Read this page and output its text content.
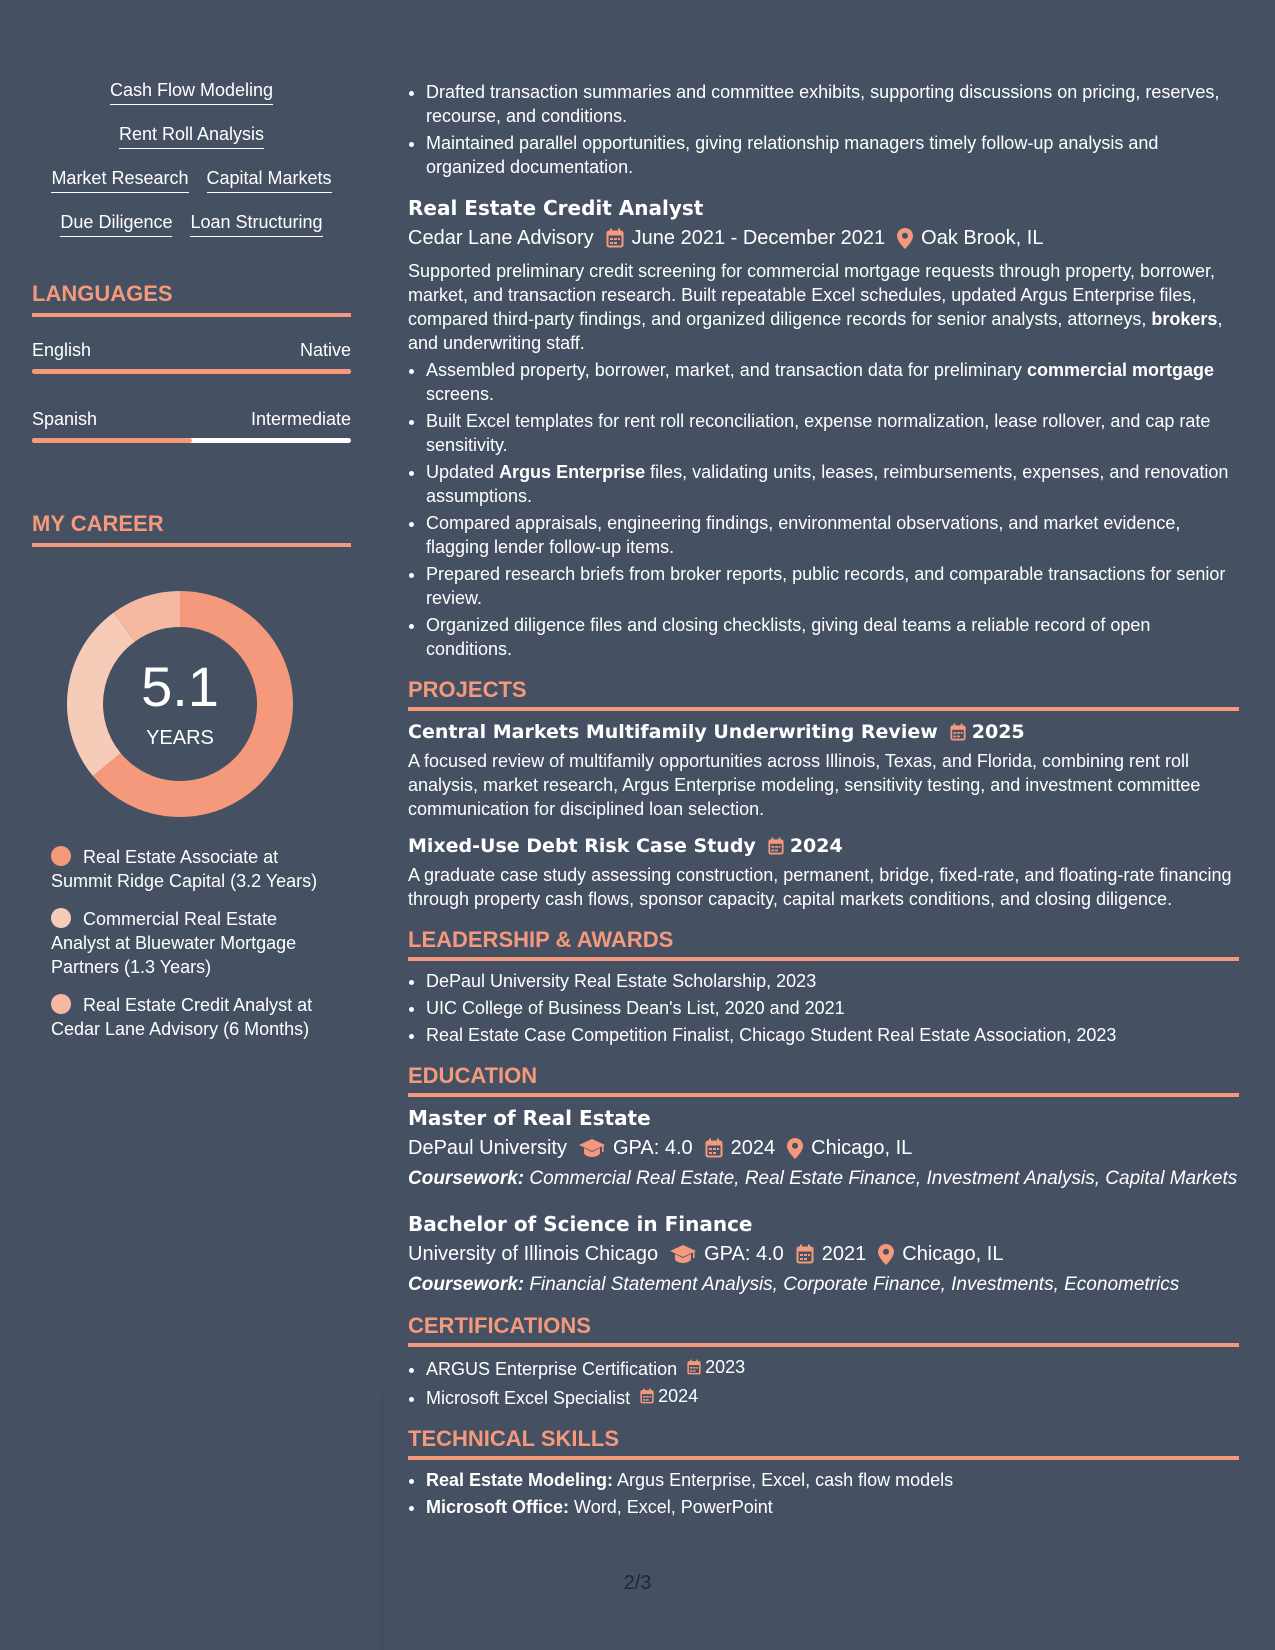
Cash Flow Modeling
Rent Roll Analysis
Market Research Capital Markets
Due Diligence Loan Structuring
LANGUAGES
English	Native
Spanish	Intermediate
MY CAREER
5.1
YEARS
Real Estate Associate at Summit Ridge Capital (3.2 Years)
Commercial Real Estate Analyst at Bluewater Mortgage Partners (1.3 Years)
Real Estate Credit Analyst at Cedar Lane Advisory (6 Months)
• Drafted transaction summaries and committee exhibits, supporting discussions on pricing, reserves, recourse, and conditions.
• Maintained parallel opportunities, giving relationship managers timely follow-up analysis and organized documentation.
Real Estate Credit Analyst
Cedar Lane Advisory June 2021 - December 2021 Oak Brook, IL
Supported preliminary credit screening for commercial mortgage requests through property, borrower, market, and transaction research. Built repeatable Excel schedules, updated Argus Enterprise files, compared third-party findings, and organized diligence records for senior analysts, attorneys, brokers, and underwriting staff.
• Assembled property, borrower, market, and transaction data for preliminary commercial mortgage screens.
• Built Excel templates for rent roll reconciliation, expense normalization, lease rollover, and cap rate sensitivity.
• Updated Argus Enterprise files, validating units, leases, reimbursements, expenses, and renovation assumptions.
• Compared appraisals, engineering findings, environmental observations, and market evidence, flagging lender follow-up items.
• Prepared research briefs from broker reports, public records, and comparable transactions for senior review.
• Organized diligence files and closing checklists, giving deal teams a reliable record of open conditions.
PROJECTS
Central Markets Multifamily Underwriting Review 2025
A focused review of multifamily opportunities across Illinois, Texas, and Florida, combining rent roll analysis, market research, Argus Enterprise modeling, sensitivity testing, and investment committee communication for disciplined loan selection.
Mixed-Use Debt Risk Case Study 2024
A graduate case study assessing construction, permanent, bridge, fixed-rate, and floating-rate financing through property cash flows, sponsor capacity, capital markets conditions, and closing diligence.
LEADERSHIP & AWARDS
• DePaul University Real Estate Scholarship, 2023
• UIC College of Business Dean's List, 2020 and 2021
• Real Estate Case Competition Finalist, Chicago Student Real Estate Association, 2023
EDUCATION
Master of Real Estate
DePaul University GPA: 4.0 2024 Chicago, IL
Coursework: Commercial Real Estate, Real Estate Finance, Investment Analysis, Capital Markets
Bachelor of Science in Finance
University of Illinois Chicago GPA: 4.0 2021 Chicago, IL
Coursework: Financial Statement Analysis, Corporate Finance, Investments, Econometrics
CERTIFICATIONS
• ARGUS Enterprise Certification 2023
• Microsoft Excel Specialist 2024
TECHNICAL SKILLS
• Real Estate Modeling: Argus Enterprise, Excel, cash flow models
• Microsoft Office: Word, Excel, PowerPoint
2/3
